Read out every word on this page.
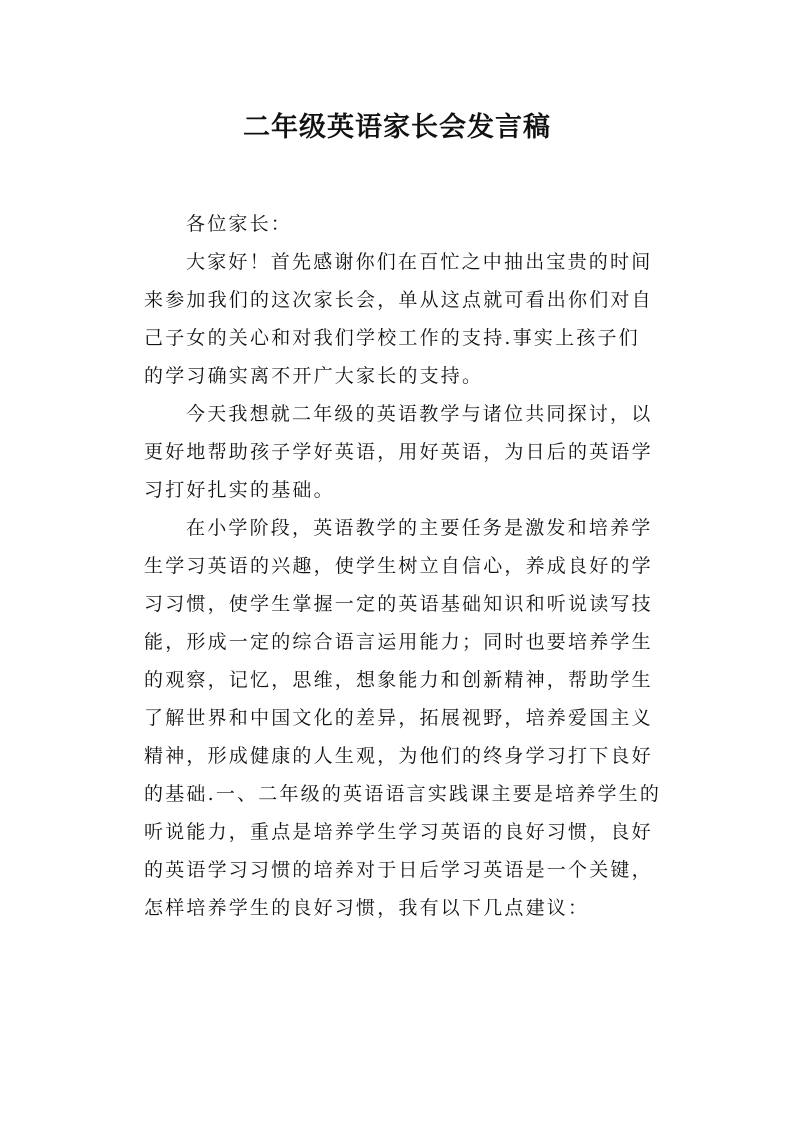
二年级英语家长会发言稿
各位家长：
大家好！首先感谢你们在百忙之中抽出宝贵的时间
来参加我们的这次家长会，单从这点就可看出你们对自
己子女的关心和对我们学校工作的支持.事实上孩子们
的学习确实离不开广大家长的支持。
今天我想就二年级的英语教学与诸位共同探讨，以
更好地帮助孩子学好英语，用好英语，为日后的英语学
习打好扎实的基础。
在小学阶段，英语教学的主要任务是激发和培养学
生学习英语的兴趣，使学生树立自信心，养成良好的学
习习惯，使学生掌握一定的英语基础知识和听说读写技
能，形成一定的综合语言运用能力；同时也要培养学生
的观察，记忆，思维，想象能力和创新精神，帮助学生
了解世界和中国文化的差异，拓展视野，培养爱国主义
精神，形成健康的人生观，为他们的终身学习打下良好
的基础.一、二年级的英语语言实践课主要是培养学生的
听说能力，重点是培养学生学习英语的良好习惯，良好
的英语学习习惯的培养对于日后学习英语是一个关键，
怎样培养学生的良好习惯，我有以下几点建议：
